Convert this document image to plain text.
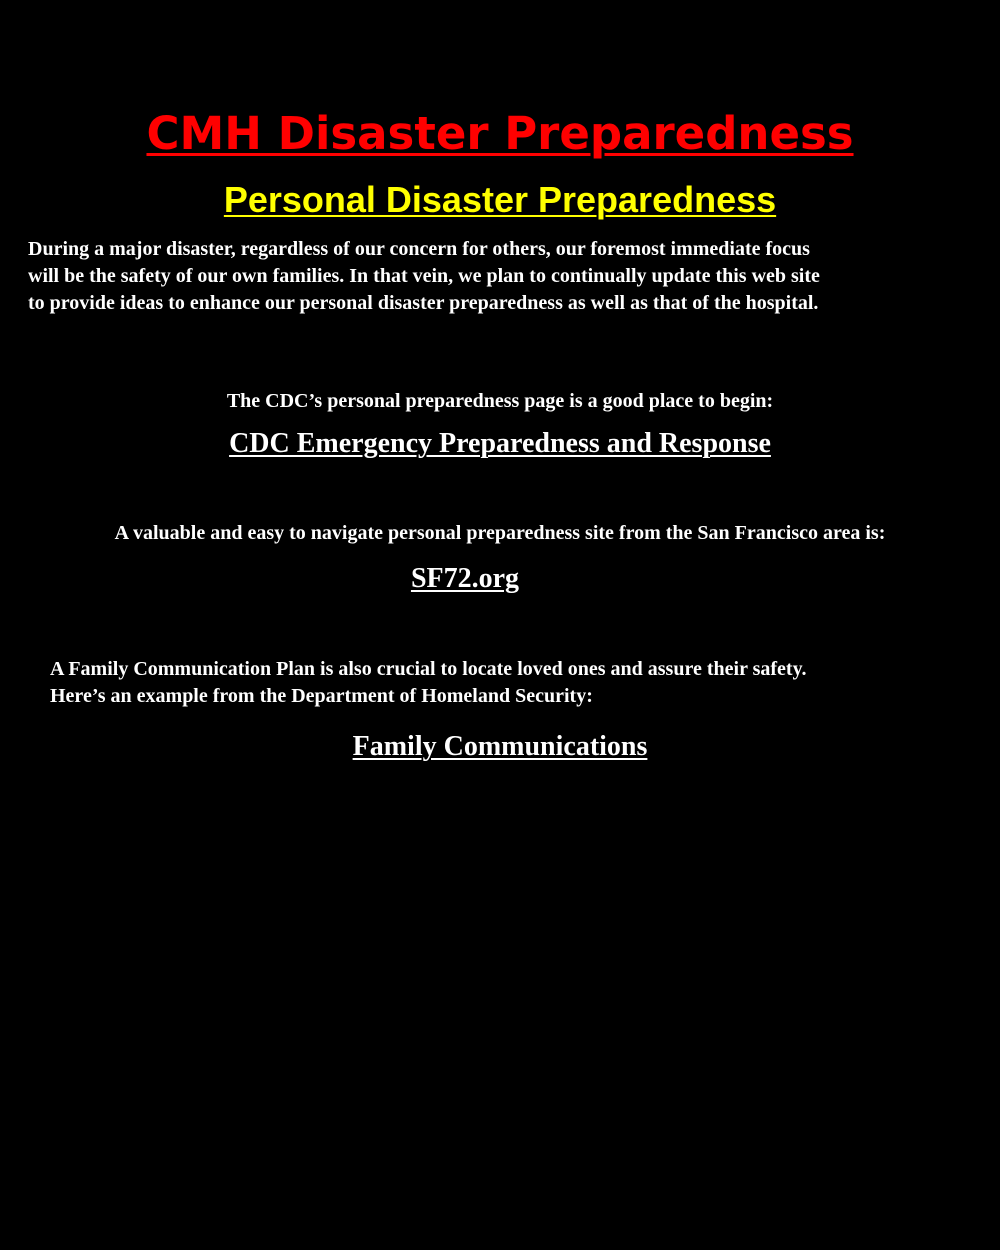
CMH Disaster Preparedness
Personal Disaster Preparedness

During a major disaster, regardless of our concern for others, our foremost immediate focus
will be the safety of our own families. In that vein, we plan to continually update this web site
to provide ideas to enhance our personal disaster preparedness as well as that of the hospital.

The CDC’s personal preparedness page is a good place to begin:

CDC Emergency Preparedness and Response

A valuable and easy to navigate personal preparedness site from the San Francisco area is:

SF72.org

A Family Communication Plan is also crucial to locate loved ones and assure their safety.
Here’s an example from the Department of Homeland Security:

Family Communications
